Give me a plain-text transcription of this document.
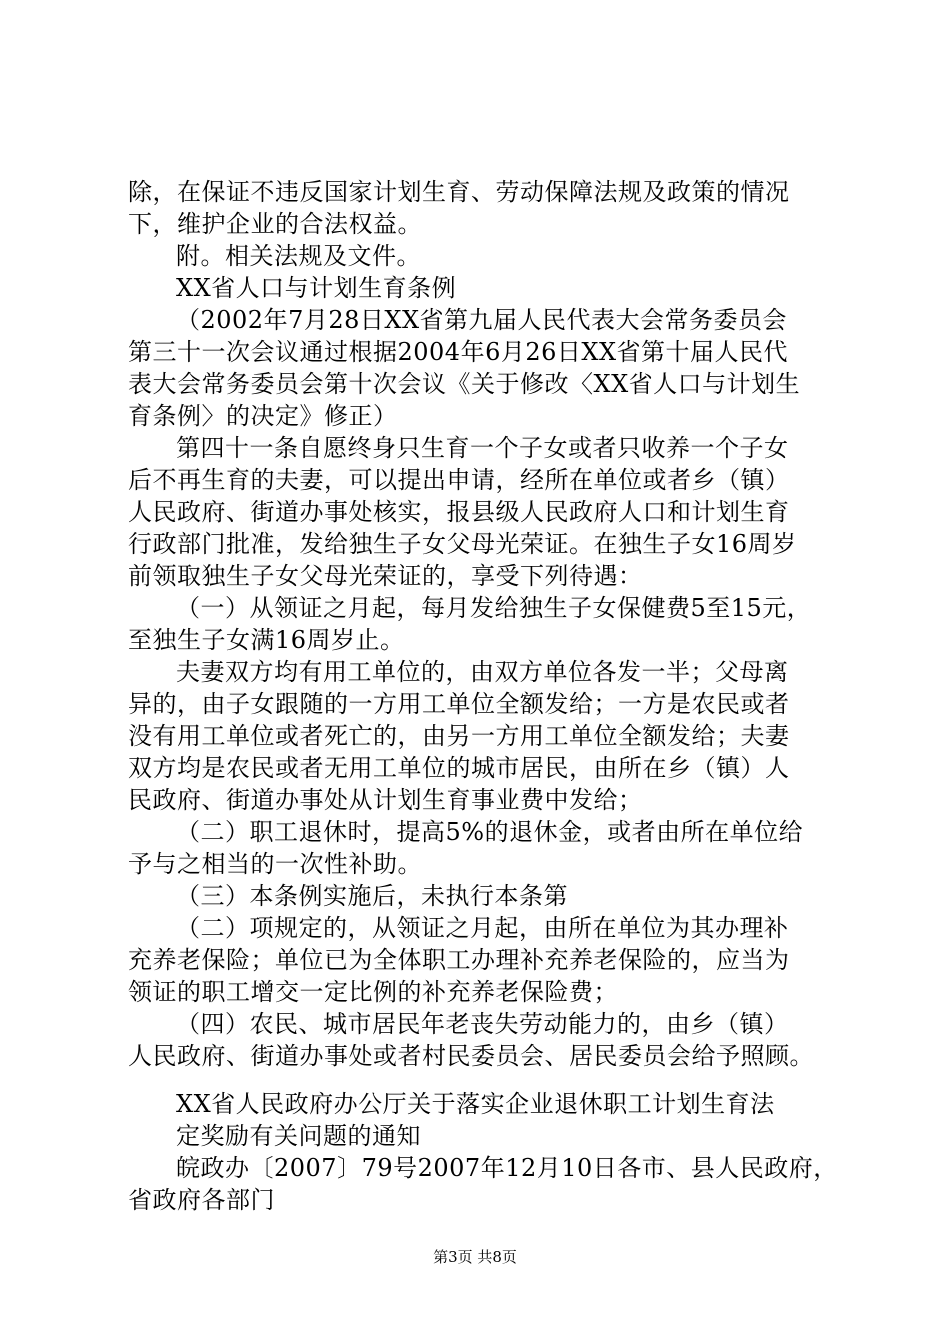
除，在保证不违反国家计划生育、劳动保障法规及政策的情况
下，维护企业的合法权益。
附。相关法规及文件。
XX省人口与计划生育条例
（2002年7月28日XX省第九届人民代表大会常务委员会
第三十一次会议通过根据2004年6月26日XX省第十届人民代
表大会常务委员会第十次会议《关于修改〈XX省人口与计划生
育条例〉的决定》修正）
第四十一条自愿终身只生育一个子女或者只收养一个子女
后不再生育的夫妻，可以提出申请，经所在单位或者乡（镇）
人民政府、街道办事处核实，报县级人民政府人口和计划生育
行政部门批准，发给独生子女父母光荣证。在独生子女16周岁
前领取独生子女父母光荣证的，享受下列待遇：
（一）从领证之月起，每月发给独生子女保健费5至15元，
至独生子女满16周岁止。
夫妻双方均有用工单位的，由双方单位各发一半；父母离
异的，由子女跟随的一方用工单位全额发给；一方是农民或者
没有用工单位或者死亡的，由另一方用工单位全额发给；夫妻
双方均是农民或者无用工单位的城市居民，由所在乡（镇）人
民政府、街道办事处从计划生育事业费中发给；
（二）职工退休时，提高5%的退休金，或者由所在单位给
予与之相当的一次性补助。
（三）本条例实施后，未执行本条第
（二）项规定的，从领证之月起，由所在单位为其办理补
充养老保险；单位已为全体职工办理补充养老保险的，应当为
领证的职工增交一定比例的补充养老保险费；
（四）农民、城市居民年老丧失劳动能力的，由乡（镇）
人民政府、街道办事处或者村民委员会、居民委员会给予照顾。
XX省人民政府办公厅关于落实企业退休职工计划生育法
定奖励有关问题的通知
皖政办〔2007〕79号2007年12月10日各市、县人民政府，
省政府各部门
第3页 共8页
